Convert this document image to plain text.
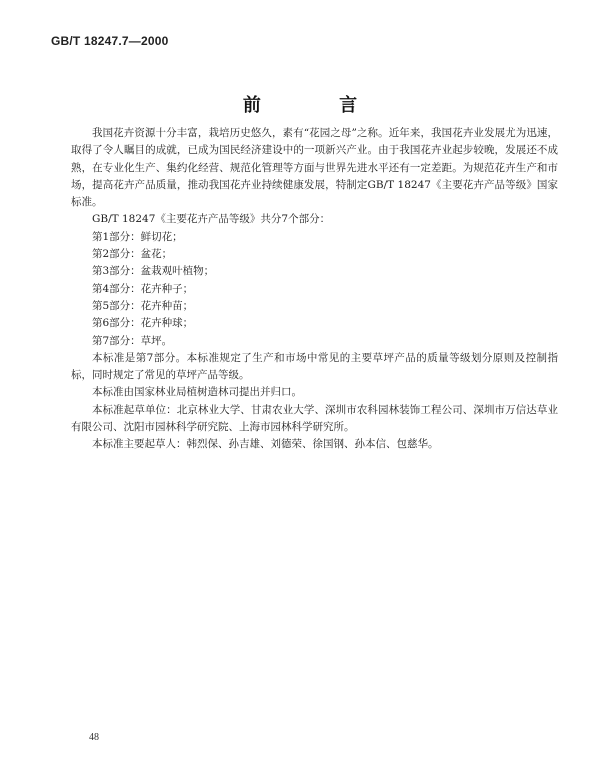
GB/T 18247.7—2000
前 言

我国花卉资源十分丰富，栽培历史悠久，素有“花园之母”之称。近年来，我国花卉业发展尤为迅速，取得了令人瞩目的成就，已成为国民经济建设中的一项新兴产业。由于我国花卉业起步较晚，发展还不成熟，在专业化生产、集约化经营、规范化管理等方面与世界先进水平还有一定差距。为规范花卉生产和市场，提高花卉产品质量，推动我国花卉业持续健康发展，特制定GB/T 18247《主要花卉产品等级》国家标准。

GB/T 18247《主要花卉产品等级》共分7个部分：

第1部分：鲜切花；

第2部分：盆花；

第3部分：盆栽观叶植物；

第4部分：花卉种子；

第5部分：花卉种苗；

第6部分：花卉种球；

第7部分：草坪。

本标准是第7部分。本标准规定了生产和市场中常见的主要草坪产品的质量等级划分原则及控制指标，同时规定了常见的草坪产品等级。

本标准由国家林业局植树造林司提出并归口。

本标准起草单位：北京林业大学、甘肃农业大学、深圳市农科园林装饰工程公司、深圳市万信达草业有限公司、沈阳市园林科学研究院、上海市园林科学研究所。

本标准主要起草人：韩烈保、孙吉雄、刘德荣、徐国钢、孙本信、包慈华。

48
